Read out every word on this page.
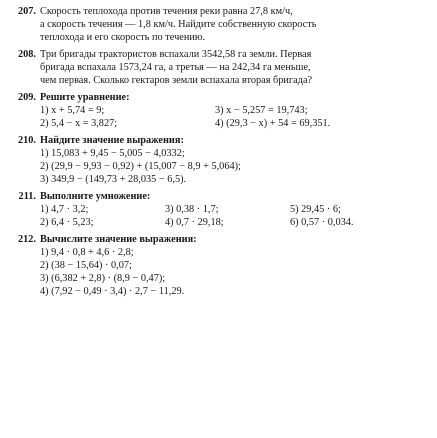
207. Скорость теплохода против течения реки равна 27,8 км/ч,
а скорость течения — 1,8 км/ч. Найдите собственную скорость
теплохода и его скорость по течению.
208. Три бригады трактористов вспахали 3542,58 га земли. Первая
бригада вспахала 1573,24 га, а третья — на 242,34 га меньше,
чем первая. Сколько гектаров земли вспахала вторая бригада?
209. Решите уравнение:
1) x + 5,74 = 9;	3) x − 5,257 = 19,743;
2) 5,4 − x = 3,827;	4) (29,3 − x) + 54 = 69,351.
210. Найдите значение выражения:
1) 15,083 + 9,45 − 5,005 − 4,0332;
2) (29,9 − 9,93 − 0,92) + (15,007 − 8,9 + 5,064);
3) 349,9 − (149,73 + 28,035 − 6,5).
211. Выполните умножение:
1) 4,7 · 3,2;	3) 0,38 · 1,7;	5) 29,45 · 6;
2) 6,4 · 5,23;	4) 0,7 · 29,18;	6) 0,57 · 0,034.
212. Вычислите значение выражения:
1) 9,4 · 0,8 + 4,6 · 2,8;
2) (38 − 15,64) · 0,07;
3) (6,382 + 2,8) · (8,9 − 0,47);
4) (7,92 − 0,49 · 3,4) · 2,7 − 11,29.
